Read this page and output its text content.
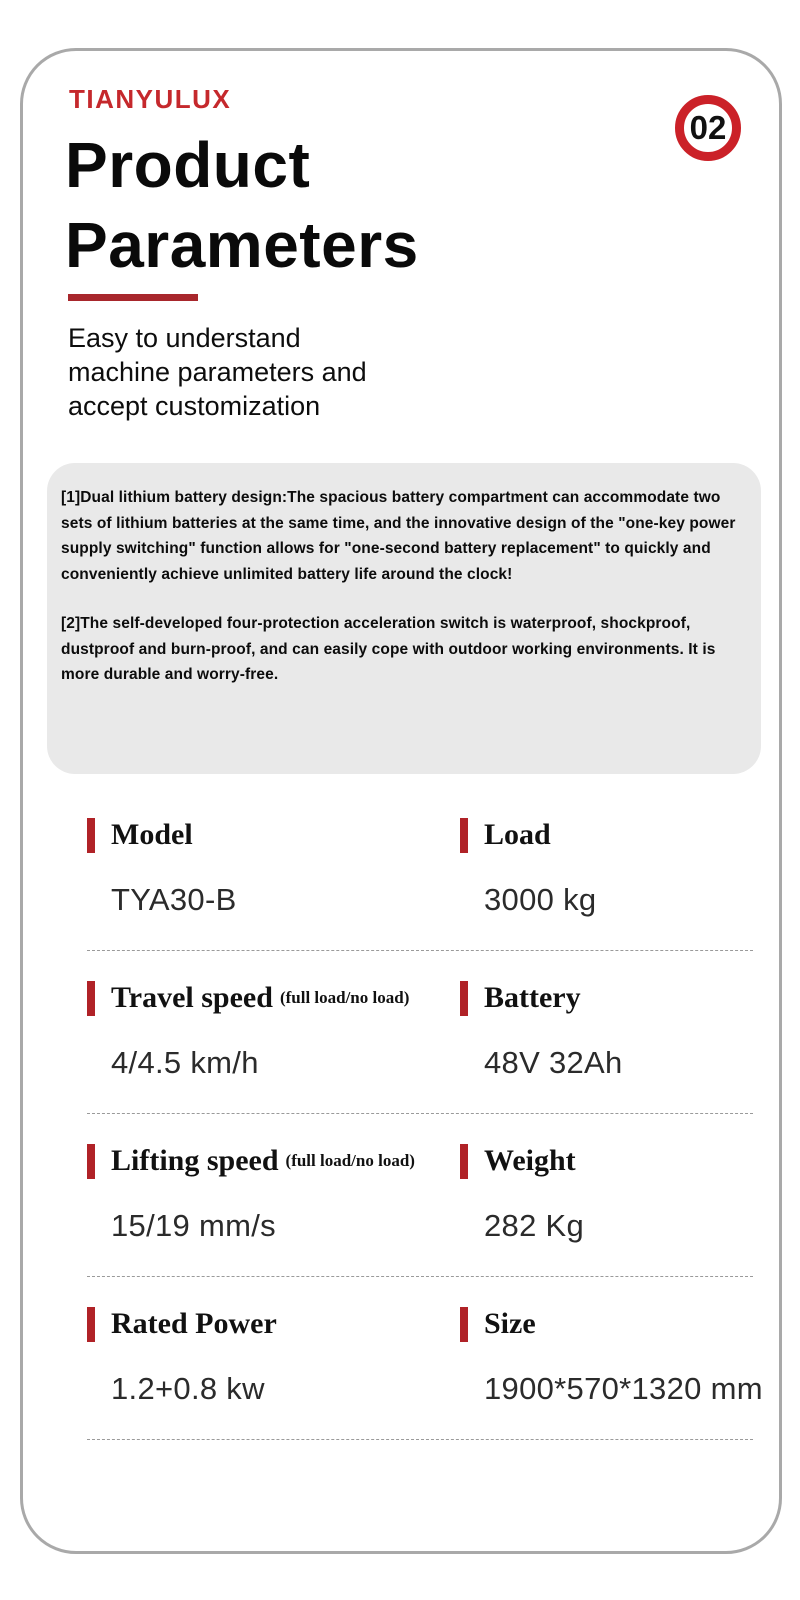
TIANYULUX
02
Product
Parameters
Easy to understand
machine parameters and
accept customization

[1]Dual lithium battery design:The spacious battery compartment can accommodate two sets of lithium batteries at the same time, and the innovative design of the "one-key power supply switching" function allows for "one-second battery replacement" to quickly and conveniently achieve unlimited battery life around the clock!

[2]The self-developed four-protection acceleration switch is waterproof, shockproof, dustproof and burn-proof, and can easily cope with outdoor working environments. It is more durable and worry-free.

Model
TYA30-B
Load
3000 kg
Travel speed (full load/no load)
4/4.5 km/h
Battery
48V 32Ah
Lifting speed (full load/no load)
15/19 mm/s
Weight
282 Kg
Rated Power
1.2+0.8 kw
Size
1900*570*1320 mm
